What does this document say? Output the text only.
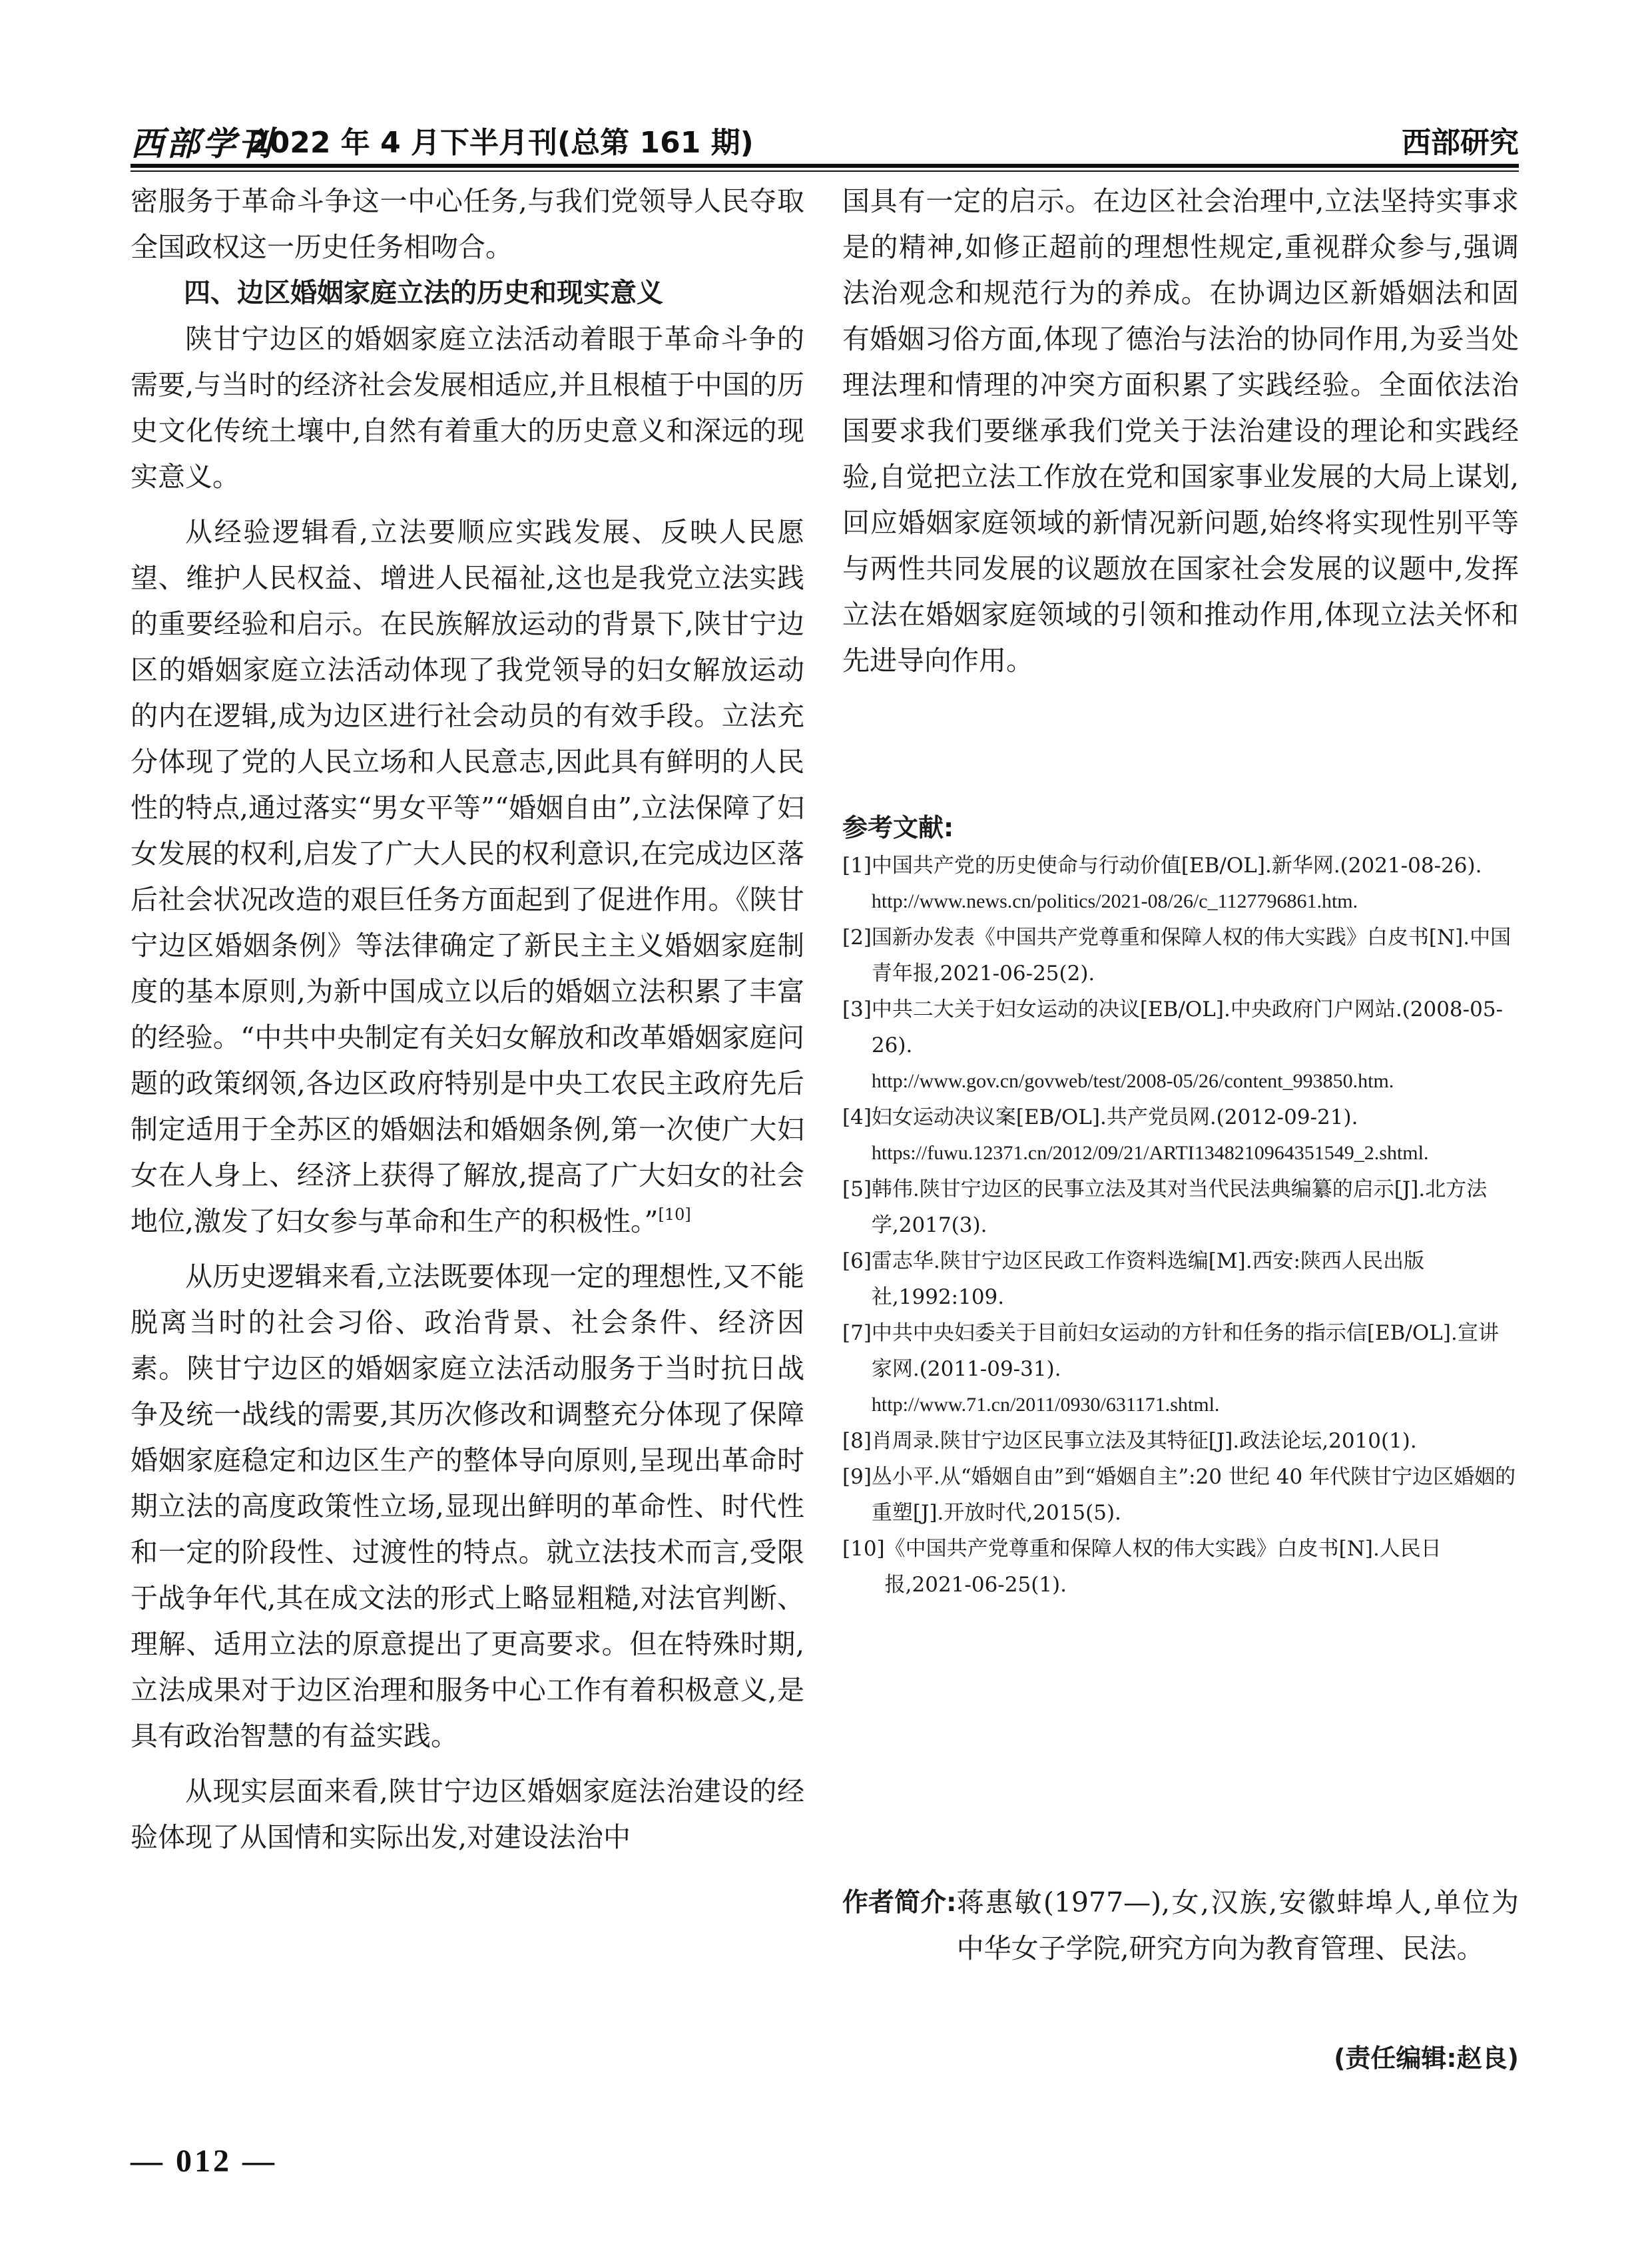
西部学刊
2022 年 4 月下半月刊(总第 161 期)	西部研究

密服务于革命斗争这一中心任务,与我们党领导人民夺取全国政权这一历史任务相吻合。

四、边区婚姻家庭立法的历史和现实意义

陕甘宁边区的婚姻家庭立法活动着眼于革命斗争的需要,与当时的经济社会发展相适应,并且根植于中国的历史文化传统土壤中,自然有着重大的历史意义和深远的现实意义。

从经验逻辑看,立法要顺应实践发展、反映人民愿望、维护人民权益、增进人民福祉,这也是我党立法实践的重要经验和启示。在民族解放运动的背景下,陕甘宁边区的婚姻家庭立法活动体现了我党领导的妇女解放运动的内在逻辑,成为边区进行社会动员的有效手段。立法充分体现了党的人民立场和人民意志,因此具有鲜明的人民性的特点,通过落实“男女平等”“婚姻自由”,立法保障了妇女发展的权利,启发了广大人民的权利意识,在完成边区落后社会状况改造的艰巨任务方面起到了促进作用。《陕甘宁边区婚姻条例》等法律确定了新民主主义婚姻家庭制度的基本原则,为新中国成立以后的婚姻立法积累了丰富的经验。“中共中央制定有关妇女解放和改革婚姻家庭问题的政策纲领,各边区政府特别是中央工农民主政府先后制定适用于全苏区的婚姻法和婚姻条例,第一次使广大妇女在人身上、经济上获得了解放,提高了广大妇女的社会地位,激发了妇女参与革命和生产的积极性。”[10]

从历史逻辑来看,立法既要体现一定的理想性,又不能脱离当时的社会习俗、政治背景、社会条件、经济因素。陕甘宁边区的婚姻家庭立法活动服务于当时抗日战争及统一战线的需要,其历次修改和调整充分体现了保障婚姻家庭稳定和边区生产的整体导向原则,呈现出革命时期立法的高度政策性立场,显现出鲜明的革命性、时代性和一定的阶段性、过渡性的特点。就立法技术而言,受限于战争年代,其在成文法的形式上略显粗糙,对法官判断、理解、适用立法的原意提出了更高要求。但在特殊时期,立法成果对于边区治理和服务中心工作有着积极意义,是具有政治智慧的有益实践。

从现实层面来看,陕甘宁边区婚姻家庭法治建设的经验体现了从国情和实际出发,对建设法治中

国具有一定的启示。在边区社会治理中,立法坚持实事求是的精神,如修正超前的理想性规定,重视群众参与,强调法治观念和规范行为的养成。在协调边区新婚姻法和固有婚姻习俗方面,体现了德治与法治的协同作用,为妥当处理法理和情理的冲突方面积累了实践经验。全面依法治国要求我们要继承我们党关于法治建设的理论和实践经验,自觉把立法工作放在党和国家事业发展的大局上谋划,回应婚姻家庭领域的新情况新问题,始终将实现性别平等与两性共同发展的议题放在国家社会发展的议题中,发挥立法在婚姻家庭领域的引领和推动作用,体现立法关怀和先进导向作用。

参考文献:
[1] 中国共产党的历史使命与行动价值[EB/OL].新华网.(2021-08-26).
http://www.news.cn/politics/2021-08/26/c_1127796861.htm.
[2] 国新办发表《中国共产党尊重和保障人权的伟大实践》白皮书[N].中国青年报,2021-06-25(2).
[3] 中共二大关于妇女运动的决议[EB/OL].中央政府门户网站.(2008-05-26).
http://www.gov.cn/govweb/test/2008-05/26/content_993850.htm.
[4] 妇女运动决议案[EB/OL].共产党员网.(2012-09-21).
https://fuwu.12371.cn/2012/09/21/ARTI1348210964351549_2.shtml.
[5] 韩伟.陕甘宁边区的民事立法及其对当代民法典编纂的启示[J].北方法学,2017(3).
[6] 雷志华.陕甘宁边区民政工作资料选编[M].西安:陕西人民出版社,1992:109.
[7] 中共中央妇委关于目前妇女运动的方针和任务的指示信[EB/OL].宣讲家网.(2011-09-31).
http://www.71.cn/2011/0930/631171.shtml.
[8] 肖周录.陕甘宁边区民事立法及其特征[J].政法论坛,2010(1).
[9] 丛小平.从“婚姻自由”到“婚姻自主”:20 世纪 40 年代陕甘宁边区婚姻的重塑[J].开放时代,2015(5).
[10] 《中国共产党尊重和保障人权的伟大实践》白皮书[N].人民日报,2021-06-25(1).
作者简介: 蒋惠敏(1977—),女,汉族,安徽蚌埠人,单位为中华女子学院,研究方向为教育管理、民法。
(责任编辑:赵良)
— 012 —
